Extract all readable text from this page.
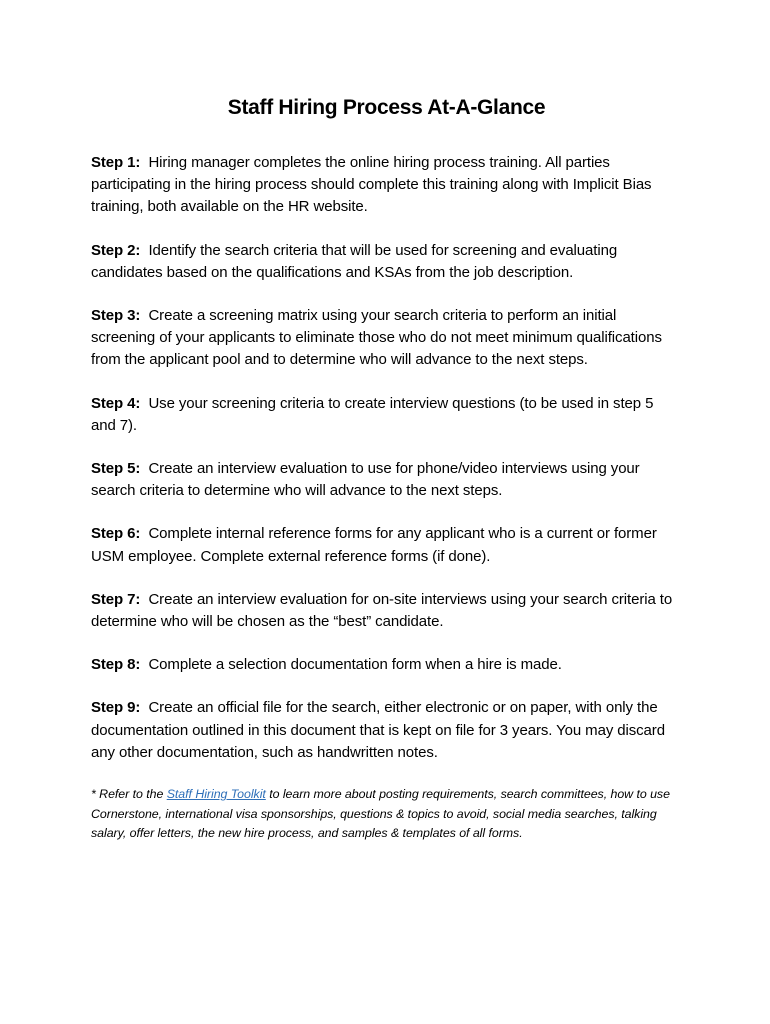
Staff Hiring Process At-A-Glance

Step 1: Hiring manager completes the online hiring process training. All parties participating in the hiring process should complete this training along with Implicit Bias training, both available on the HR website.

Step 2: Identify the search criteria that will be used for screening and evaluating candidates based on the qualifications and KSAs from the job description.

Step 3: Create a screening matrix using your search criteria to perform an initial screening of your applicants to eliminate those who do not meet minimum qualifications from the applicant pool and to determine who will advance to the next steps.

Step 4: Use your screening criteria to create interview questions (to be used in step 5 and 7).

Step 5: Create an interview evaluation to use for phone/video interviews using your search criteria to determine who will advance to the next steps.

Step 6: Complete internal reference forms for any applicant who is a current or former USM employee. Complete external reference forms (if done).

Step 7: Create an interview evaluation for on-site interviews using your search criteria to determine who will be chosen as the “best” candidate.

Step 8: Complete a selection documentation form when a hire is made.

Step 9: Create an official file for the search, either electronic or on paper, with only the documentation outlined in this document that is kept on file for 3 years. You may discard any other documentation, such as handwritten notes.

* Refer to the Staff Hiring Toolkit to learn more about posting requirements, search committees, how to use Cornerstone, international visa sponsorships, questions & topics to avoid, social media searches, talking salary, offer letters, the new hire process, and samples & templates of all forms.
